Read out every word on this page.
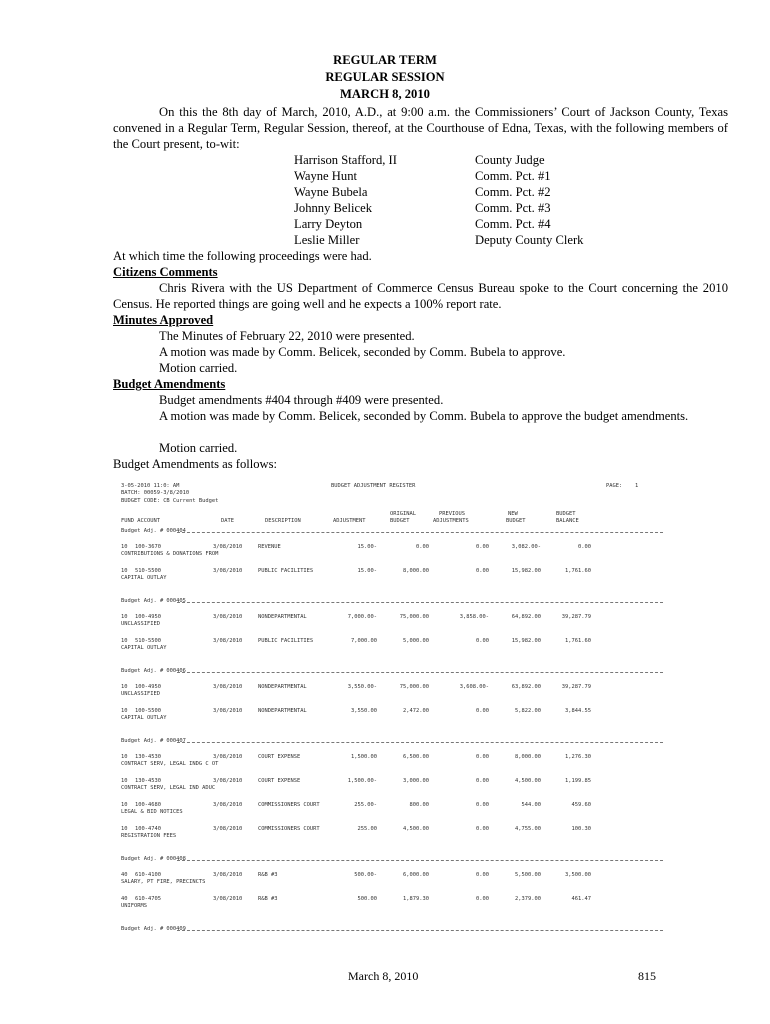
REGULAR TERM
REGULAR SESSION
MARCH 8, 2010
On this the 8th day of March, 2010, A.D., at 9:00 a.m. the Commissioners’ Court of Jackson County, Texas convened in a Regular Term, Regular Session, thereof, at the Courthouse of Edna, Texas, with the following members of the Court present, to-wit:
Harrison Stafford, II	County Judge
Wayne Hunt	Comm. Pct. #1
Wayne Bubela	Comm. Pct. #2
Johnny Belicek	Comm. Pct. #3
Larry Deyton	Comm. Pct. #4
Leslie Miller	Deputy County Clerk
At which time the following proceedings were had.
Citizens Comments
Chris Rivera with the US Department of Commerce Census Bureau spoke to the Court concerning the 2010 Census. He reported things are going well and he expects a 100% report rate.
Minutes Approved
The Minutes of February 22, 2010 were presented.
A motion was made by Comm. Belicek, seconded by Comm. Bubela to approve.
Motion carried.
Budget Amendments
Budget amendments #404 through #409 were presented.
A motion was made by Comm. Belicek, seconded by Comm. Bubela to approve the budget amendments.
Motion carried.
Budget Amendments as follows:
3-05-2010 11:0: AM	BUDGET ADJUSTMENT REGISTER	PAGE: 1
BATCH: 00059-3/8/2010
BUDGET CODE: CB Current Budget
ORIGINAL	PREVIOUS	NEW	BUDGET
FUND ACCOUNT	DATE	DESCRIPTION	ADJUSTMENT	BUDGET	ADJUSTMENTS	BUDGET	BALANCE
Budget Adj. # 000404
10 100-3670	3/08/2010	REVENUE	15.00-	0.00	0.00	3,082.00-	0.00
CONTRIBUTIONS & DONATIONS FROM
10 510-5500	3/08/2010	PUBLIC FACILITIES	15.00-	8,000.00	0.00	15,982.00	1,761.60
CAPITAL OUTLAY
Budget Adj. # 000405
10 100-4950	3/08/2010	NONDEPARTMENTAL	7,000.00-	75,000.00	3,858.00-	64,892.00	39,287.79
UNCLASSIFIED
10 510-5500	3/08/2010	PUBLIC FACILITIES	7,000.00	5,000.00	0.00	15,982.00	1,761.60
CAPITAL OUTLAY
Budget Adj. # 000406
10 100-4950	3/08/2010	NONDEPARTMENTAL	3,550.00-	75,000.00	3,608.00-	63,892.00	39,287.79
UNCLASSIFIED
10 100-5500	3/08/2010	NONDEPARTMENTAL	3,550.00	2,472.00	0.00	5,822.00	3,844.55
CAPITAL OUTLAY
Budget Adj. # 000407
10 130-4530	3/08/2010	COURT EXPENSE	1,500.00	6,500.00	0.00	8,000.00	1,276.30
CONTRACT SERV, LEGAL INDG C OT
10 130-4530	3/08/2010	COURT EXPENSE	1,500.00-	3,000.00	0.00	4,500.00	1,199.85
CONTRACT SERV, LEGAL IND ADUC
10 100-4680	3/08/2010	COMMISSIONERS COURT	255.00-	800.00	0.00	544.00	459.60
LEGAL & BID NOTICES
10 100-4740	3/08/2010	COMMISSIONERS COURT	255.00	4,500.00	0.00	4,755.00	100.30
REGISTRATION FEES
Budget Adj. # 000408
40 610-4100	3/08/2010	R&B #3	500.00-	6,000.00	0.00	5,500.00	3,500.00
SALARY, PT FIRE, PRECINCTS
40 610-4705	3/08/2010	R&B #3	500.00	1,879.30	0.00	2,379.00	461.47
UNIFORMS
Budget Adj. # 000409
March 8, 2010	815
